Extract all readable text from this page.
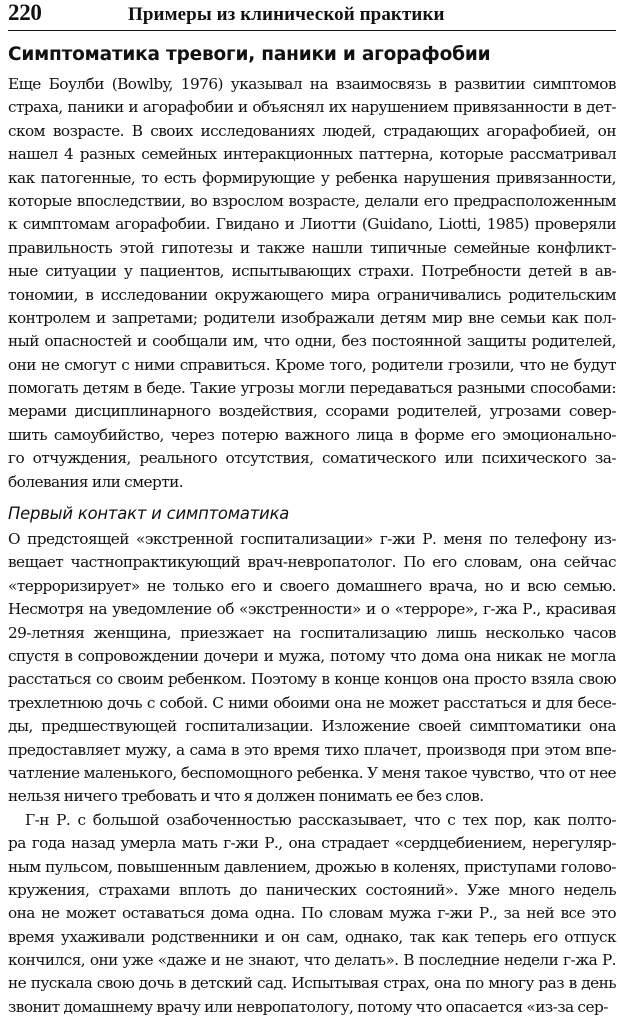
220	Примеры из клинической практики
Симптоматика тревоги, паники и агорафобии
Еще Боулби (Bowlby, 1976) указывал на взаимосвязь в развитии симптомов
страха, паники и агорафобии и объяснял их нарушением привязанности в дет-
ском возрасте. В своих исследованиях людей, страдающих агорафобией, он
нашел 4 разных семейных интеракционных паттерна, которые рассматривал
как патогенные, то есть формирующие у ребенка нарушения привязанности,
которые впоследствии, во взрослом возрасте, делали его предрасположенным
к симптомам агорафобии. Гвидано и Лиотти (Guidano, Liotti, 1985) проверяли
правильность этой гипотезы и также нашли типичные семейные конфликт-
ные ситуации у пациентов, испытывающих страхи. Потребности детей в ав-
тономии, в исследовании окружающего мира ограничивались родительским
контролем и запретами; родители изображали детям мир вне семьи как пол-
ный опасностей и сообщали им, что одни, без постоянной защиты родителей,
они не смогут с ними справиться. Кроме того, родители грозили, что не будут
помогать детям в беде. Такие угрозы могли передаваться разными способами:
мерами дисциплинарного воздействия, ссорами родителей, угрозами совер-
шить самоубийство, через потерю важного лица в форме его эмоционально-
го отчуждения, реального отсутствия, соматического или психического за-
болевания или смерти.
Первый контакт и симптоматика
О предстоящей «экстренной госпитализации» г-жи Р. меня по телефону из-
вещает частнопрактикующий врач-невропатолог. По его словам, она сейчас
«терроризирует» не только его и своего домашнего врача, но и всю семью.
Несмотря на уведомление об «экстренности» и о «терроре», г-жа Р., красивая
29-летняя женщина, приезжает на госпитализацию лишь несколько часов
спустя в сопровождении дочери и мужа, потому что дома она никак не могла
расстаться со своим ребенком. Поэтому в конце концов она просто взяла свою
трехлетнюю дочь с собой. С ними обоими она не может расстаться и для бесе-
ды, предшествующей госпитализации. Изложение своей симптоматики она
предоставляет мужу, а сама в это время тихо плачет, производя при этом впе-
чатление маленького, беспомощного ребенка. У меня такое чувство, что от нее
нельзя ничего требовать и что я должен понимать ее без слов.
Г-н Р. с большой озабоченностью рассказывает, что с тех пор, как полто-
ра года назад умерла мать г-жи Р., она страдает «сердцебиением, нерегуляр-
ным пульсом, повышенным давлением, дрожью в коленях, приступами голово-
кружения, страхами вплоть до панических состояний». Уже много недель
она не может оставаться дома одна. По словам мужа г-жи Р., за ней все это
время ухаживали родственники и он сам, однако, так как теперь его отпуск
кончился, они уже «даже и не знают, что делать». В последние недели г-жа Р.
не пускала свою дочь в детский сад. Испытывая страх, она по многу раз в день
звонит домашнему врачу или невропатологу, потому что опасается «из-за сер-
